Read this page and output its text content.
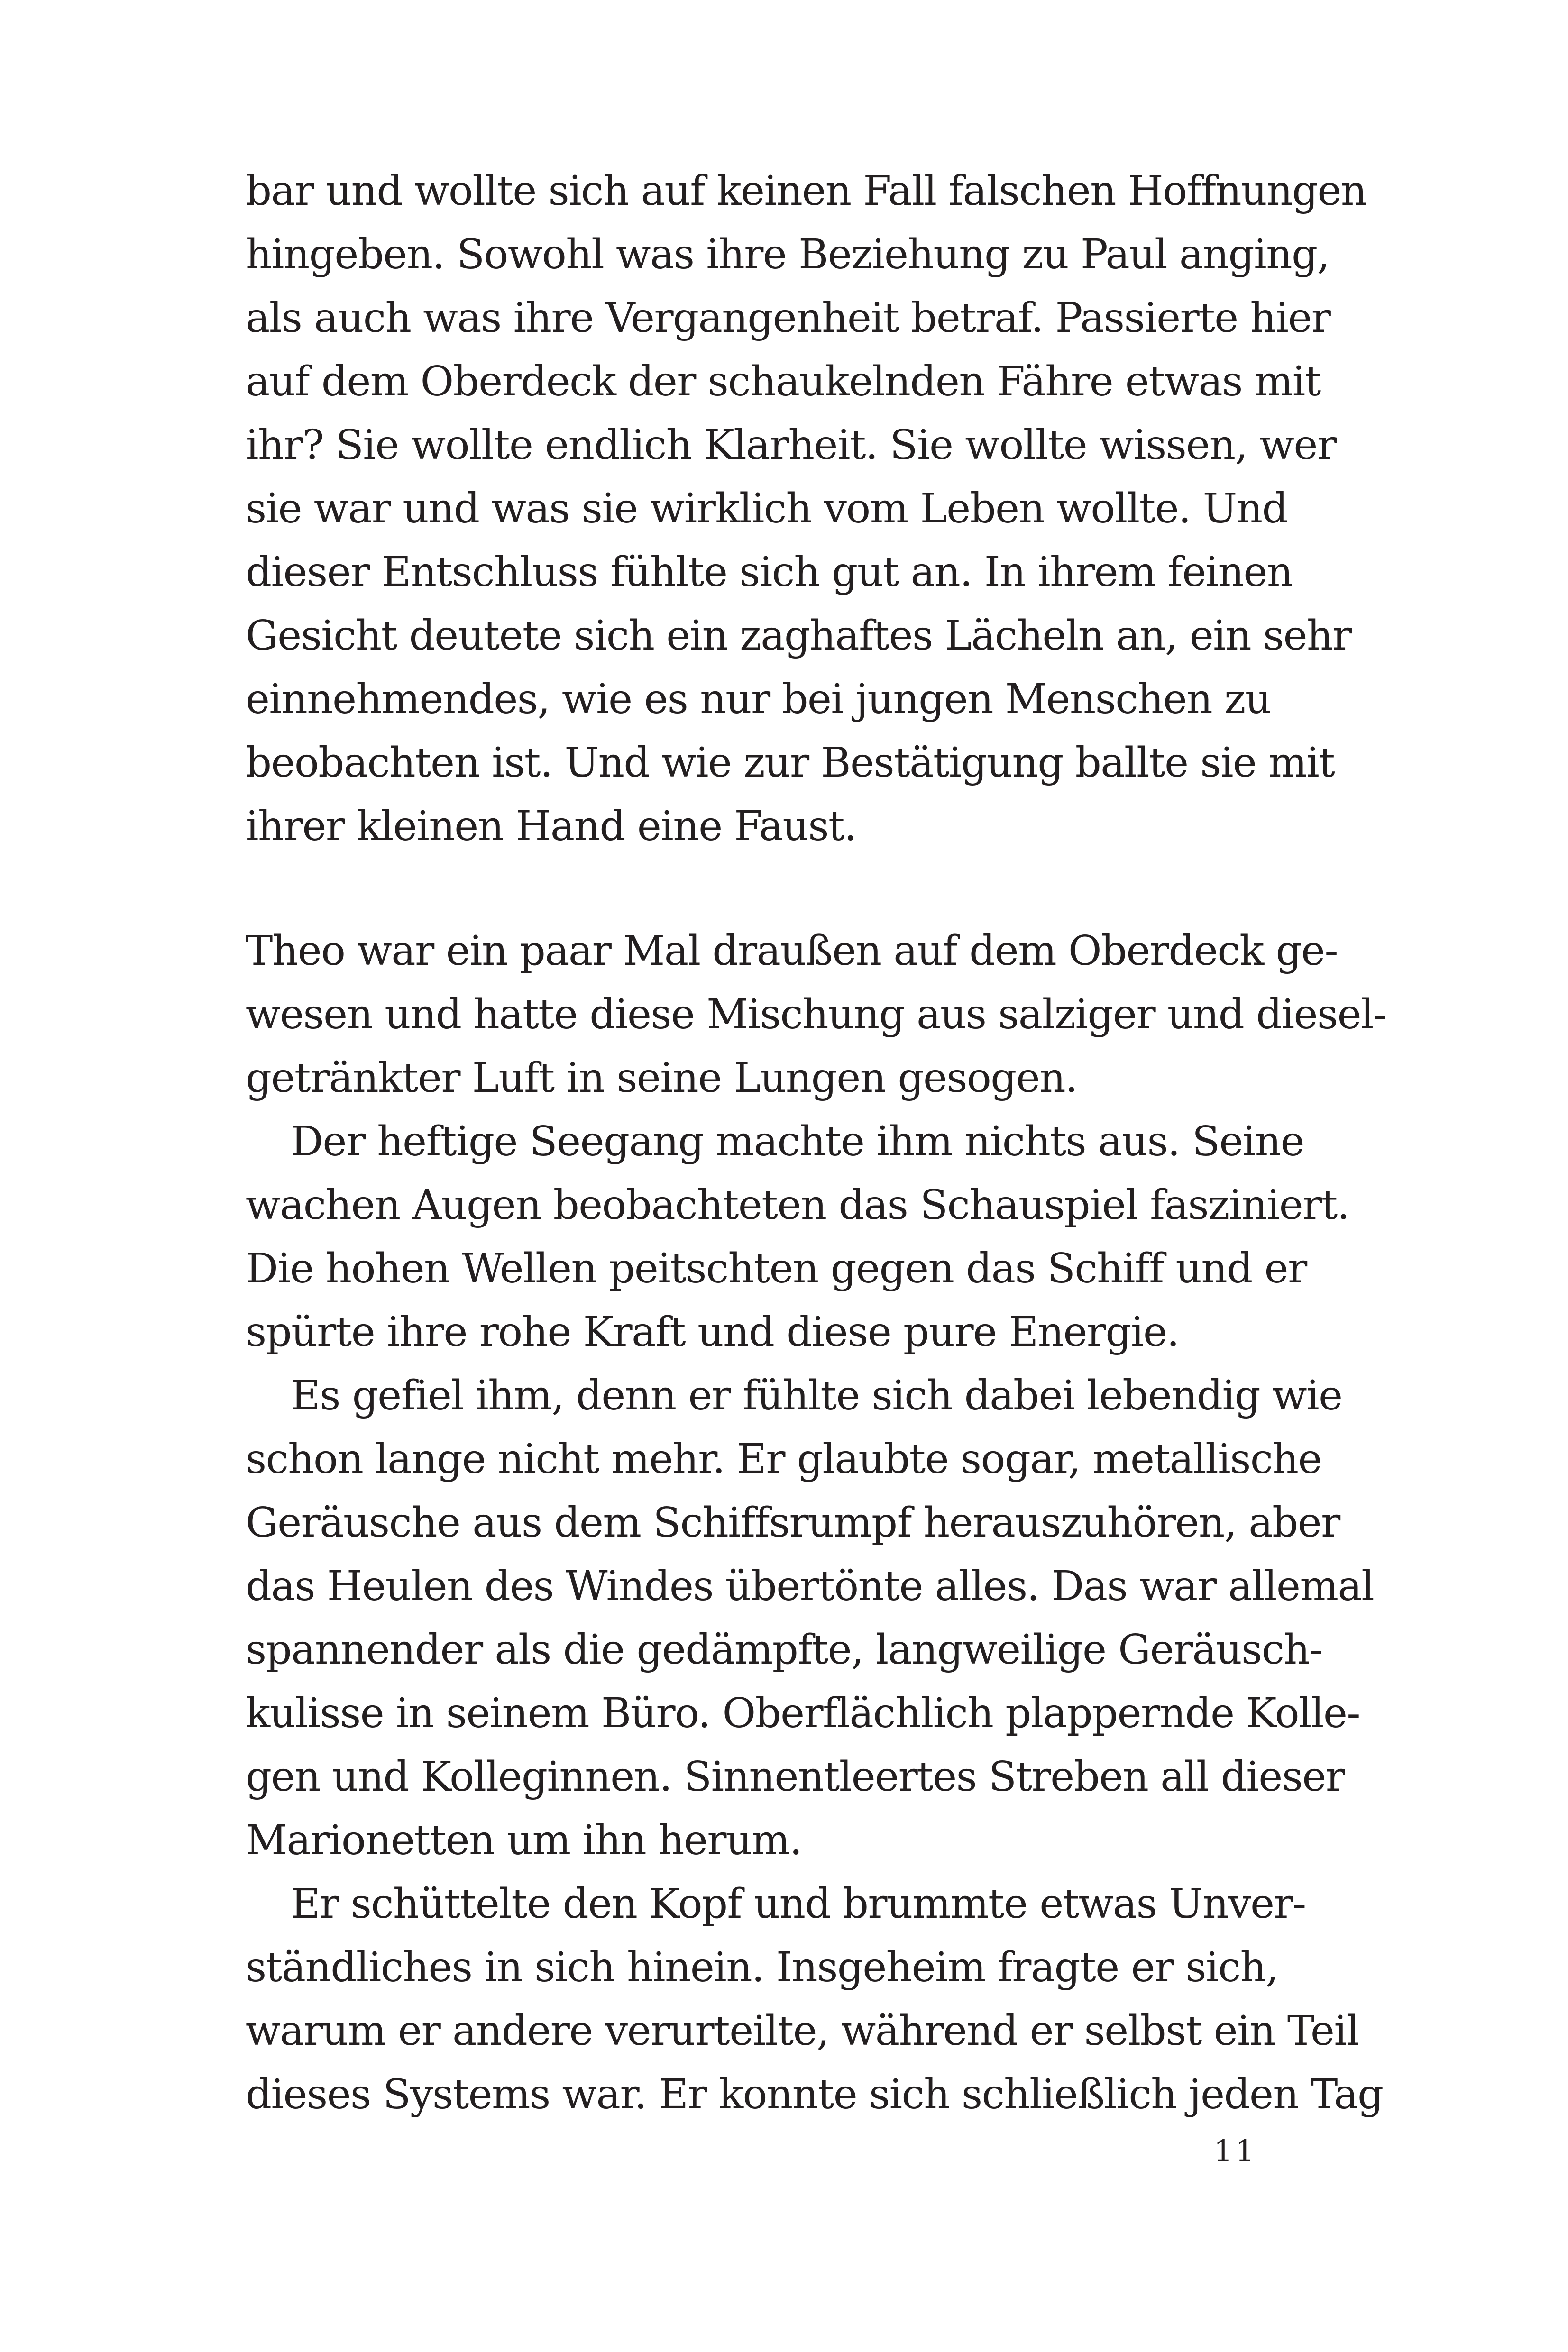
bar und wollte sich auf keinen Fall falschen Hoffnungen
hingeben. Sowohl was ihre Beziehung zu Paul anging,
als auch was ihre Vergangenheit betraf. Passierte hier
auf dem Oberdeck der schaukelnden Fähre etwas mit
ihr? Sie wollte endlich Klarheit. Sie wollte wissen, wer
sie war und was sie wirklich vom Leben wollte. Und
dieser Entschluss fühlte sich gut an. In ihrem feinen
Gesicht deutete sich ein zaghaftes Lächeln an, ein sehr
einnehmendes, wie es nur bei jungen Menschen zu
beobachten ist. Und wie zur Bestätigung ballte sie mit
ihrer kleinen Hand eine Faust.
Theo war ein paar Mal draußen auf dem Oberdeck ge-
wesen und hatte diese Mischung aus salziger und diesel-
getränkter Luft in seine Lungen gesogen.
Der heftige Seegang machte ihm nichts aus. Seine
wachen Augen beobachteten das Schauspiel fasziniert.
Die hohen Wellen peitschten gegen das Schiff und er
spürte ihre rohe Kraft und diese pure Energie.
Es gefiel ihm, denn er fühlte sich dabei lebendig wie
schon lange nicht mehr. Er glaubte sogar, metallische
Geräusche aus dem Schiffsrumpf herauszuhören, aber
das Heulen des Windes übertönte alles. Das war allemal
spannender als die gedämpfte, langweilige Geräusch-
kulisse in seinem Büro. Oberflächlich plappernde Kolle-
gen und Kolleginnen. Sinnentleertes Streben all dieser
Marionetten um ihn herum.
Er schüttelte den Kopf und brummte etwas Unver-
ständliches in sich hinein. Insgeheim fragte er sich,
warum er andere verurteilte, während er selbst ein Teil
dieses Systems war. Er konnte sich schließlich jeden Tag
11
